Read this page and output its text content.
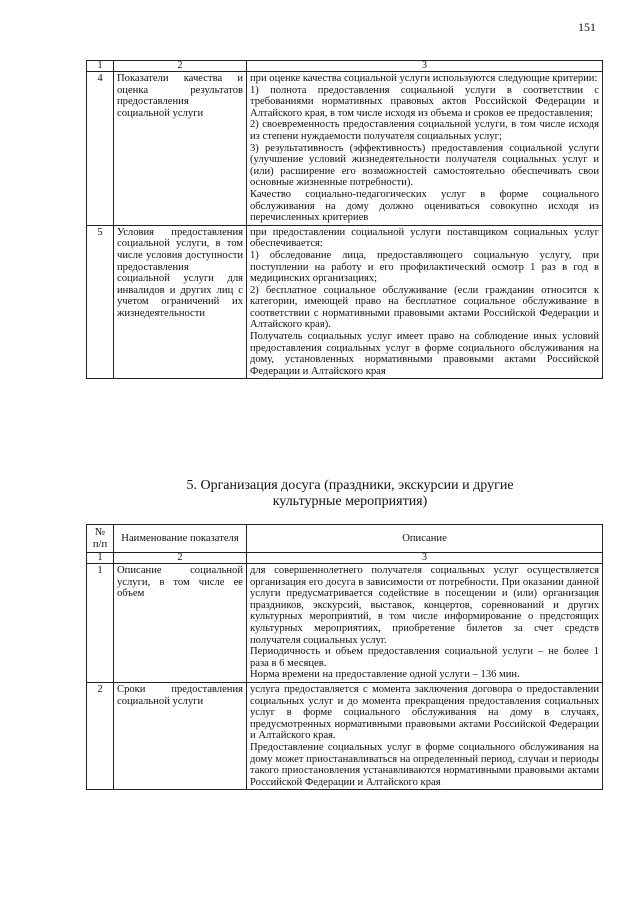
151
1	2	3
4	Показатели качества и оценка результатов предоставления социальной услуги	при оценке качества социальной услуги используются следующие критерии:
1) полнота предоставления социальной услуги в соответствии с требованиями нормативных правовых актов Российской Федерации и Алтайского края, в том числе исходя из объема и сроков ее предоставления;
2) своевременность предоставления социальной услуги, в том числе исходя из степени нуждаемости получателя социальных услуг;
3) результативность (эффективность) предоставления социальной услуги (улучшение условий жизнедеятельности получателя социальных услуг и (или) расширение его возможностей самостоятельно обеспечивать свои основные жизненные потребности).
Качество социально-педагогических услуг в форме социального обслуживания на дому должно оцениваться совокупно исходя из перечисленных критериев

5	Условия предоставления социальной услуги, в том числе условия доступности предоставления социальной услуги для инвалидов и других лиц с учетом ограничений их жизнедеятельности	при предоставлении социальной услуги поставщиком социальных услуг обеспечивается:
1) обследование лица, предоставляющего социальную услугу, при поступлении на работу и его профилактический осмотр 1 раз в год в медицинских организациях;
2) бесплатное социальное обслуживание (если гражданин относится к категории, имеющей право на бесплатное социальное обслуживание в соответствии с нормативными правовыми актами Российской Федерации и Алтайского края).
Получатель социальных услуг имеет право на соблюдение иных условий предоставления социальных услуг в форме социального обслуживания на дому, установленных нормативными правовыми актами Российской Федерации и Алтайского края
5. Организация досуга (праздники, экскурсии и другие культурные мероприятия)
№ п/п	Наименование показателя	Описание
1	2	3
1	Описание социальной услуги, в том числе ее объем	для совершеннолетнего получателя социальных услуг осуществляется организация его досуга в зависимости от потребности. При оказании данной услуги предусматривается содействие в посещении и (или) организация праздников, экскурсий, выставок, концертов, соревнований и других культурных мероприятий, в том числе информирование о предстоящих культурных мероприятиях, приобретение билетов за счет средств получателя социальных услуг.
Периодичность и объем предоставления социальной услуги – не более 1 раза в 6 месяцев.
Норма времени на предоставление одной услуги – 136 мин.

2	Сроки предоставления социальной услуги	услуга предоставляется с момента заключения договора о предоставлении социальных услуг и до момента прекращения предоставления социальных услуг в форме социального обслуживания на дому в случаях, предусмотренных нормативными правовыми актами Российской Федерации и Алтайского края.
Предоставление социальных услуг в форме социального обслуживания на дому может приостанавливаться на определенный период, случаи и периоды такого приостановления устанавливаются нормативными правовыми актами Российской Федерации и Алтайского края
